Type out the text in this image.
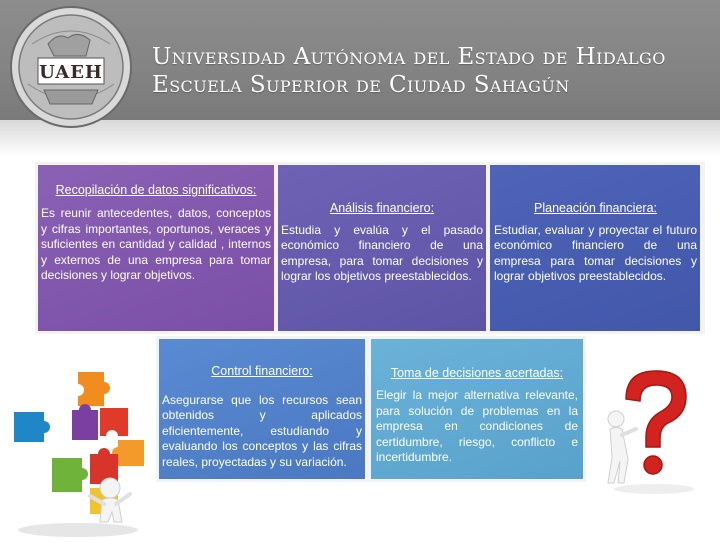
UAEH
Universidad Autónoma del Estado de Hidalgo
Escuela Superior de Ciudad Sahagún
Recopilación de datos significativos:
Es reunir antecedentes, datos, conceptos y cifras importantes, oportunos, veraces y suficientes en cantidad y calidad , internos y externos de una empresa para tomar decisiones y lograr objetivos.
Análisis financiero:
Estudia y evalúa y el pasado económico financiero de una empresa, para tomar decisiones y lograr los objetivos preestablecidos.
Planeación financiera:
Estudiar, evaluar y proyectar el futuro económico financiero de una empresa para tomar decisiones y lograr objetivos preestablecidos.
Control financiero:
Asegurarse que los recursos sean obtenidos y aplicados eficientemente, estudiando y evaluando los conceptos y las cifras reales, proyectadas y su variación.
Toma de decisiones acertadas:
Elegir la mejor alternativa relevante, para solución de problemas en la empresa en condiciones de certidumbre, riesgo, conflicto e incertidumbre.
